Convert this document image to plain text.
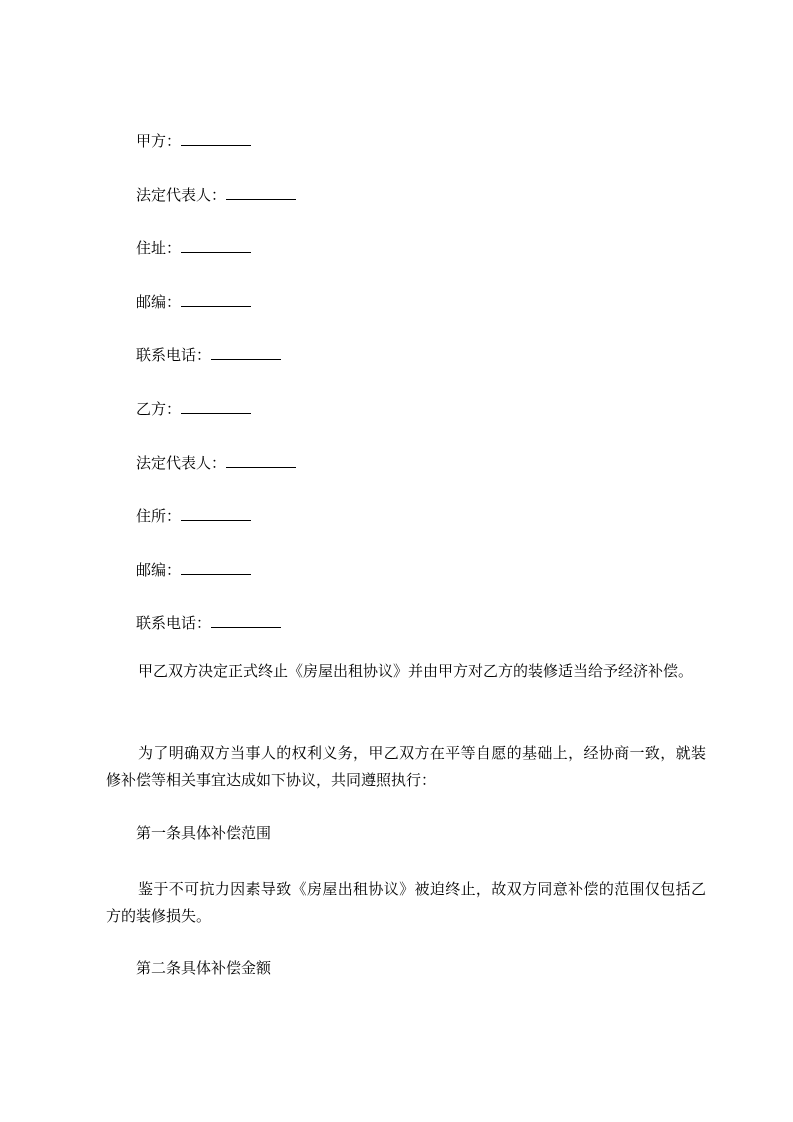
甲方：
法定代表人：
住址：
邮编：
联系电话：
乙方：
法定代表人：
住所：
邮编：
联系电话：

甲乙双方决定正式终止《房屋出租协议》并由甲方对乙方的装修适当给予经济补偿。

为了明确双方当事人的权利义务，甲乙双方在平等自愿的基础上，经协商一致，就装修补偿等相关事宜达成如下协议，共同遵照执行：

第一条具体补偿范围

鉴于不可抗力因素导致《房屋出租协议》被迫终止，故双方同意补偿的范围仅包括乙方的装修损失。

第二条具体补偿金额
